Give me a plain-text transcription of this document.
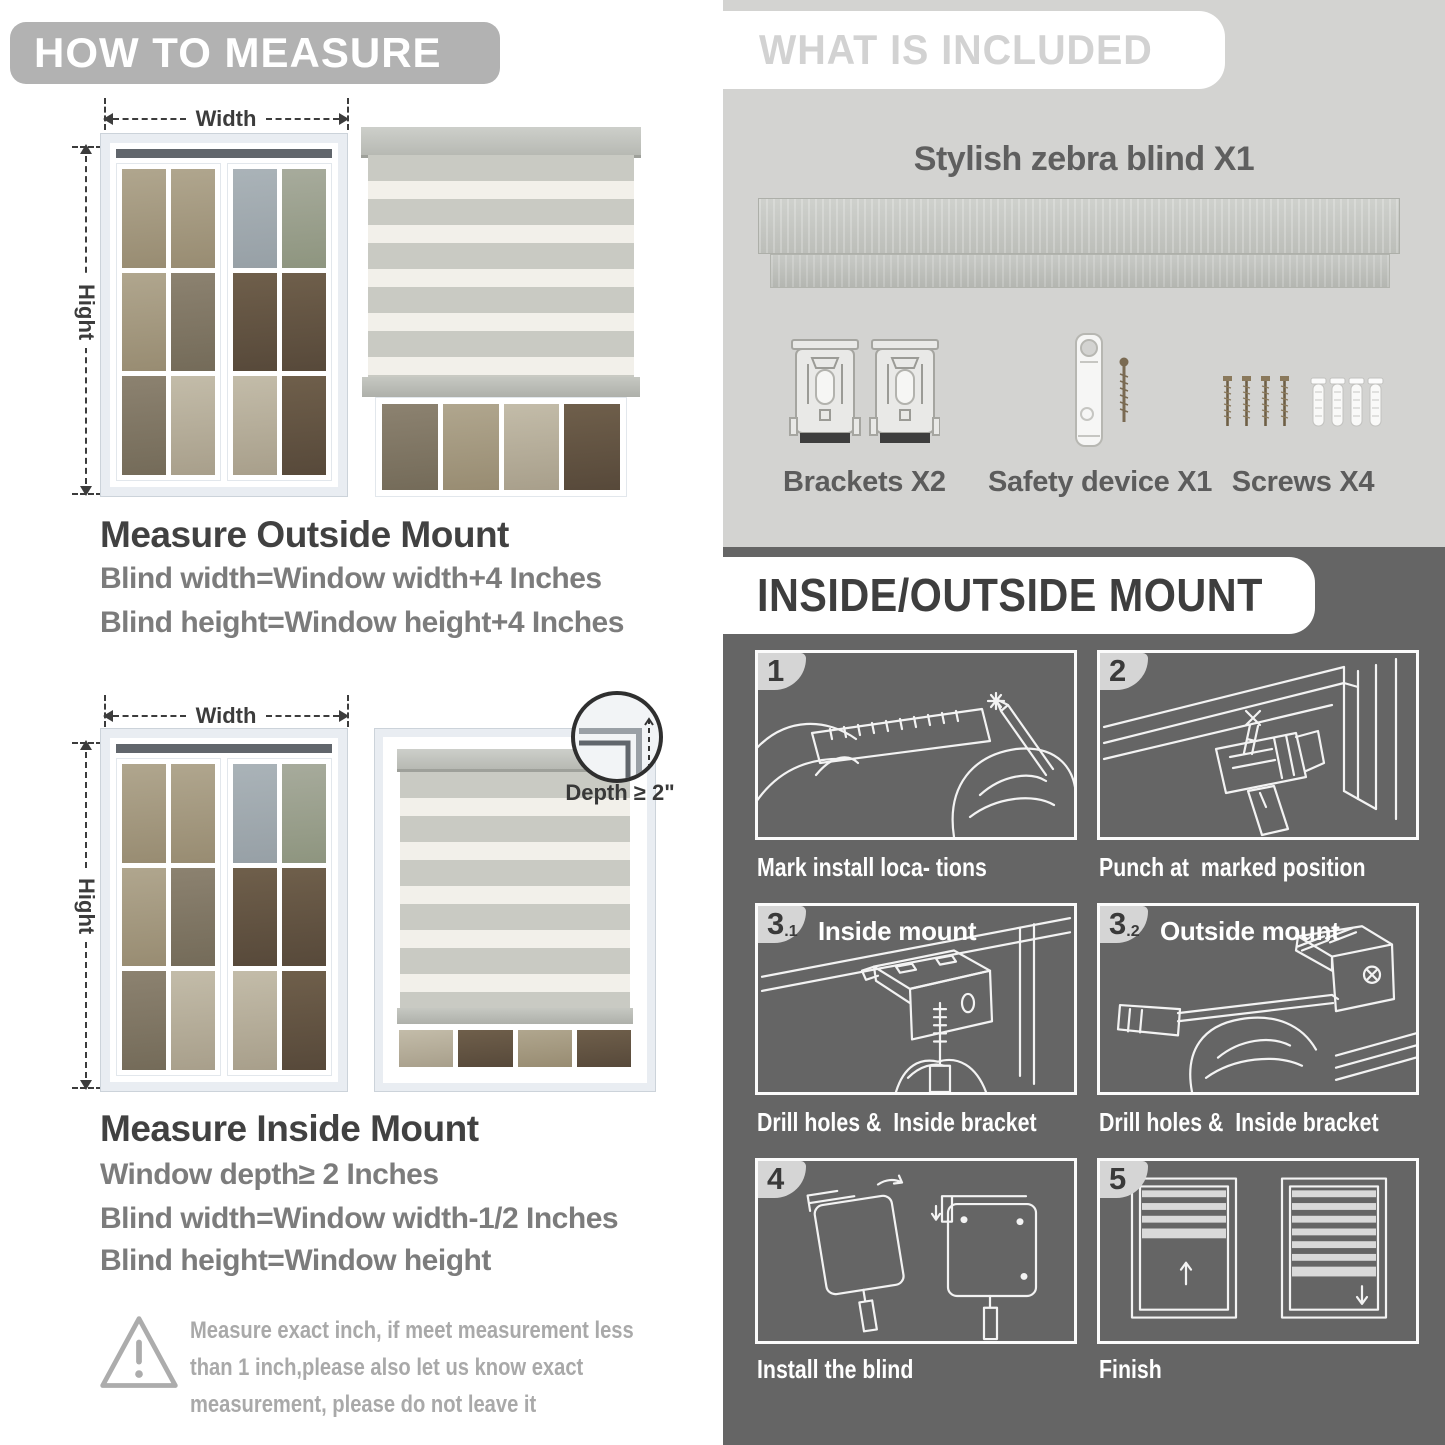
HOW TO MEASURE
Width
Hight
Measure Outside Mount
Blind width=Window width+4 Inches
Blind height=Window height+4 Inches
Width
Hight
Depth ≥ 2"
Measure Inside Mount
Window depth≥ 2 Inches
Blind width=Window width-1/2 Inches
Blind height=Window height
Measure exact inch, if meet measurement less than 1 inch,please also let us know exact measurement, please do not leave it
WHAT IS INCLUDED
Stylish zebra blind X1
Brackets X2 Safety device X1 Screws X4
INSIDE/OUTSIDE MOUNT
1
Mark install loca- tions
2
Punch at  marked position
3.1 Inside mount
Drill holes &  Inside bracket
3.2 Outside mount
Drill holes &  Inside bracket
4
Install the blind
5
Finish
